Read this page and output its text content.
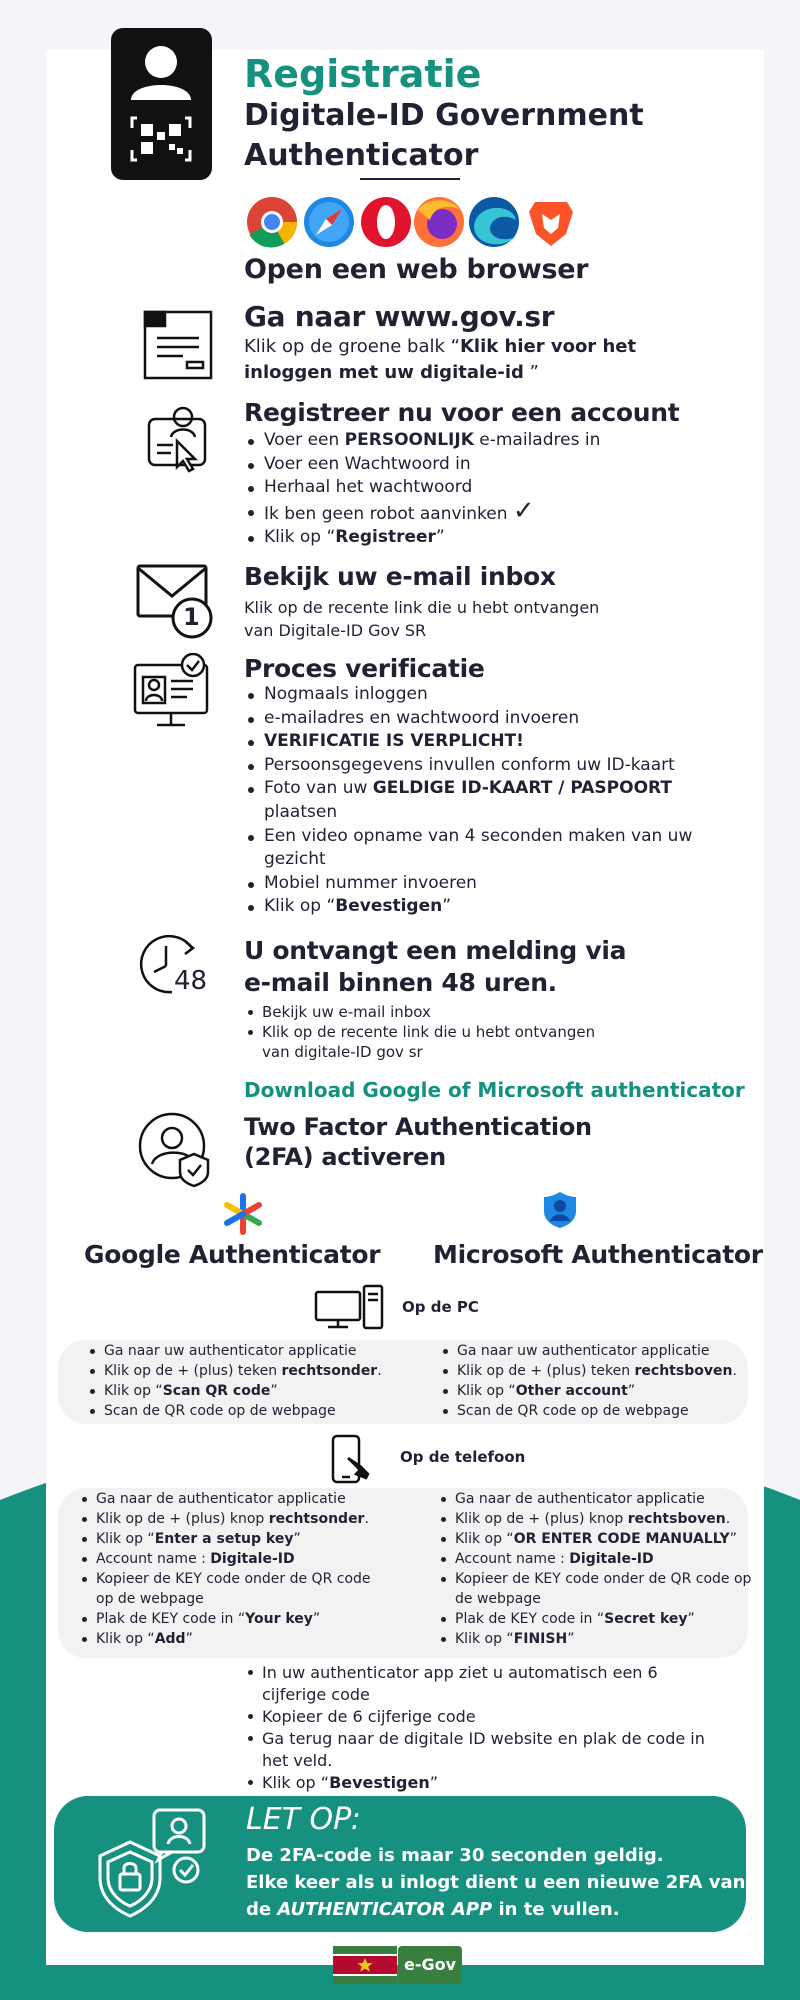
Registratie
Digitale-ID Government
Authenticator
Open een web browser
Ga naar www.gov.sr
Klik op de groene balk “Klik hier voor het
inloggen met uw digitale-id ”
Registreer nu voor een account
Voer een PERSOONLIJK e-mailadres in
Voer een Wachtwoord in
Herhaal het wachtwoord
Ik ben geen robot aanvinken ✓
Klik op “Registreer”
1
Bekijk uw e-mail inbox
Klik op de recente link die u hebt ontvangen
van Digitale-ID Gov SR
Proces verificatie
Nogmaals inloggen
e-mailadres en wachtwoord invoeren
VERIFICATIE IS VERPLICHT!
Persoonsgegevens invullen conform uw ID-kaart
Foto van uw GELDIGE ID-KAART / PASPOORT plaatsen
Een video opname van 4 seconden maken van uw gezicht
Mobiel nummer invoeren
Klik op “Bevestigen”
48
U ontvangt een melding via
e-mail binnen 48 uren.
Bekijk uw e-mail inbox
Klik op de recente link die u hebt ontvangen
van digitale-ID gov sr
Download Google of Microsoft authenticator
Two Factor Authentication
(2FA) activeren
Google Authenticator Microsoft Authenticator
Op de PC
Ga naar uw authenticator applicatie
Klik op de + (plus) teken rechtsonder.
Klik op “Scan QR code”
Scan de QR code op de webpage
Ga naar uw authenticator applicatie
Klik op de + (plus) teken rechtsboven.
Klik op “Other account”
Scan de QR code op de webpage
Op de telefoon
Ga naar de authenticator applicatie
Klik op de + (plus) knop rechtsonder.
Klik op “Enter a setup key”
Account name : Digitale-ID
Kopieer de KEY code onder de QR code op de webpage
Plak de KEY code in “Your key”
Klik op “Add”
Ga naar de authenticator applicatie
Klik op de + (plus) knop rechtsboven.
Klik op “OR ENTER CODE MANUALLY”
Account name : Digitale-ID
Kopieer de KEY code onder de QR code op de webpage
Plak de KEY code in “Secret key”
Klik op “FINISH”
In uw authenticator app ziet u automatisch een 6 cijferige code
Kopieer de 6 cijferige code
Ga terug naar de digitale ID website en plak de code in het veld.
Klik op “Bevestigen”
LET OP:
De 2FA-code is maar 30 seconden geldig.
Elke keer als u inlogt dient u een nieuwe 2FA van
de AUTHENTICATOR APP in te vullen.
e-Gov
